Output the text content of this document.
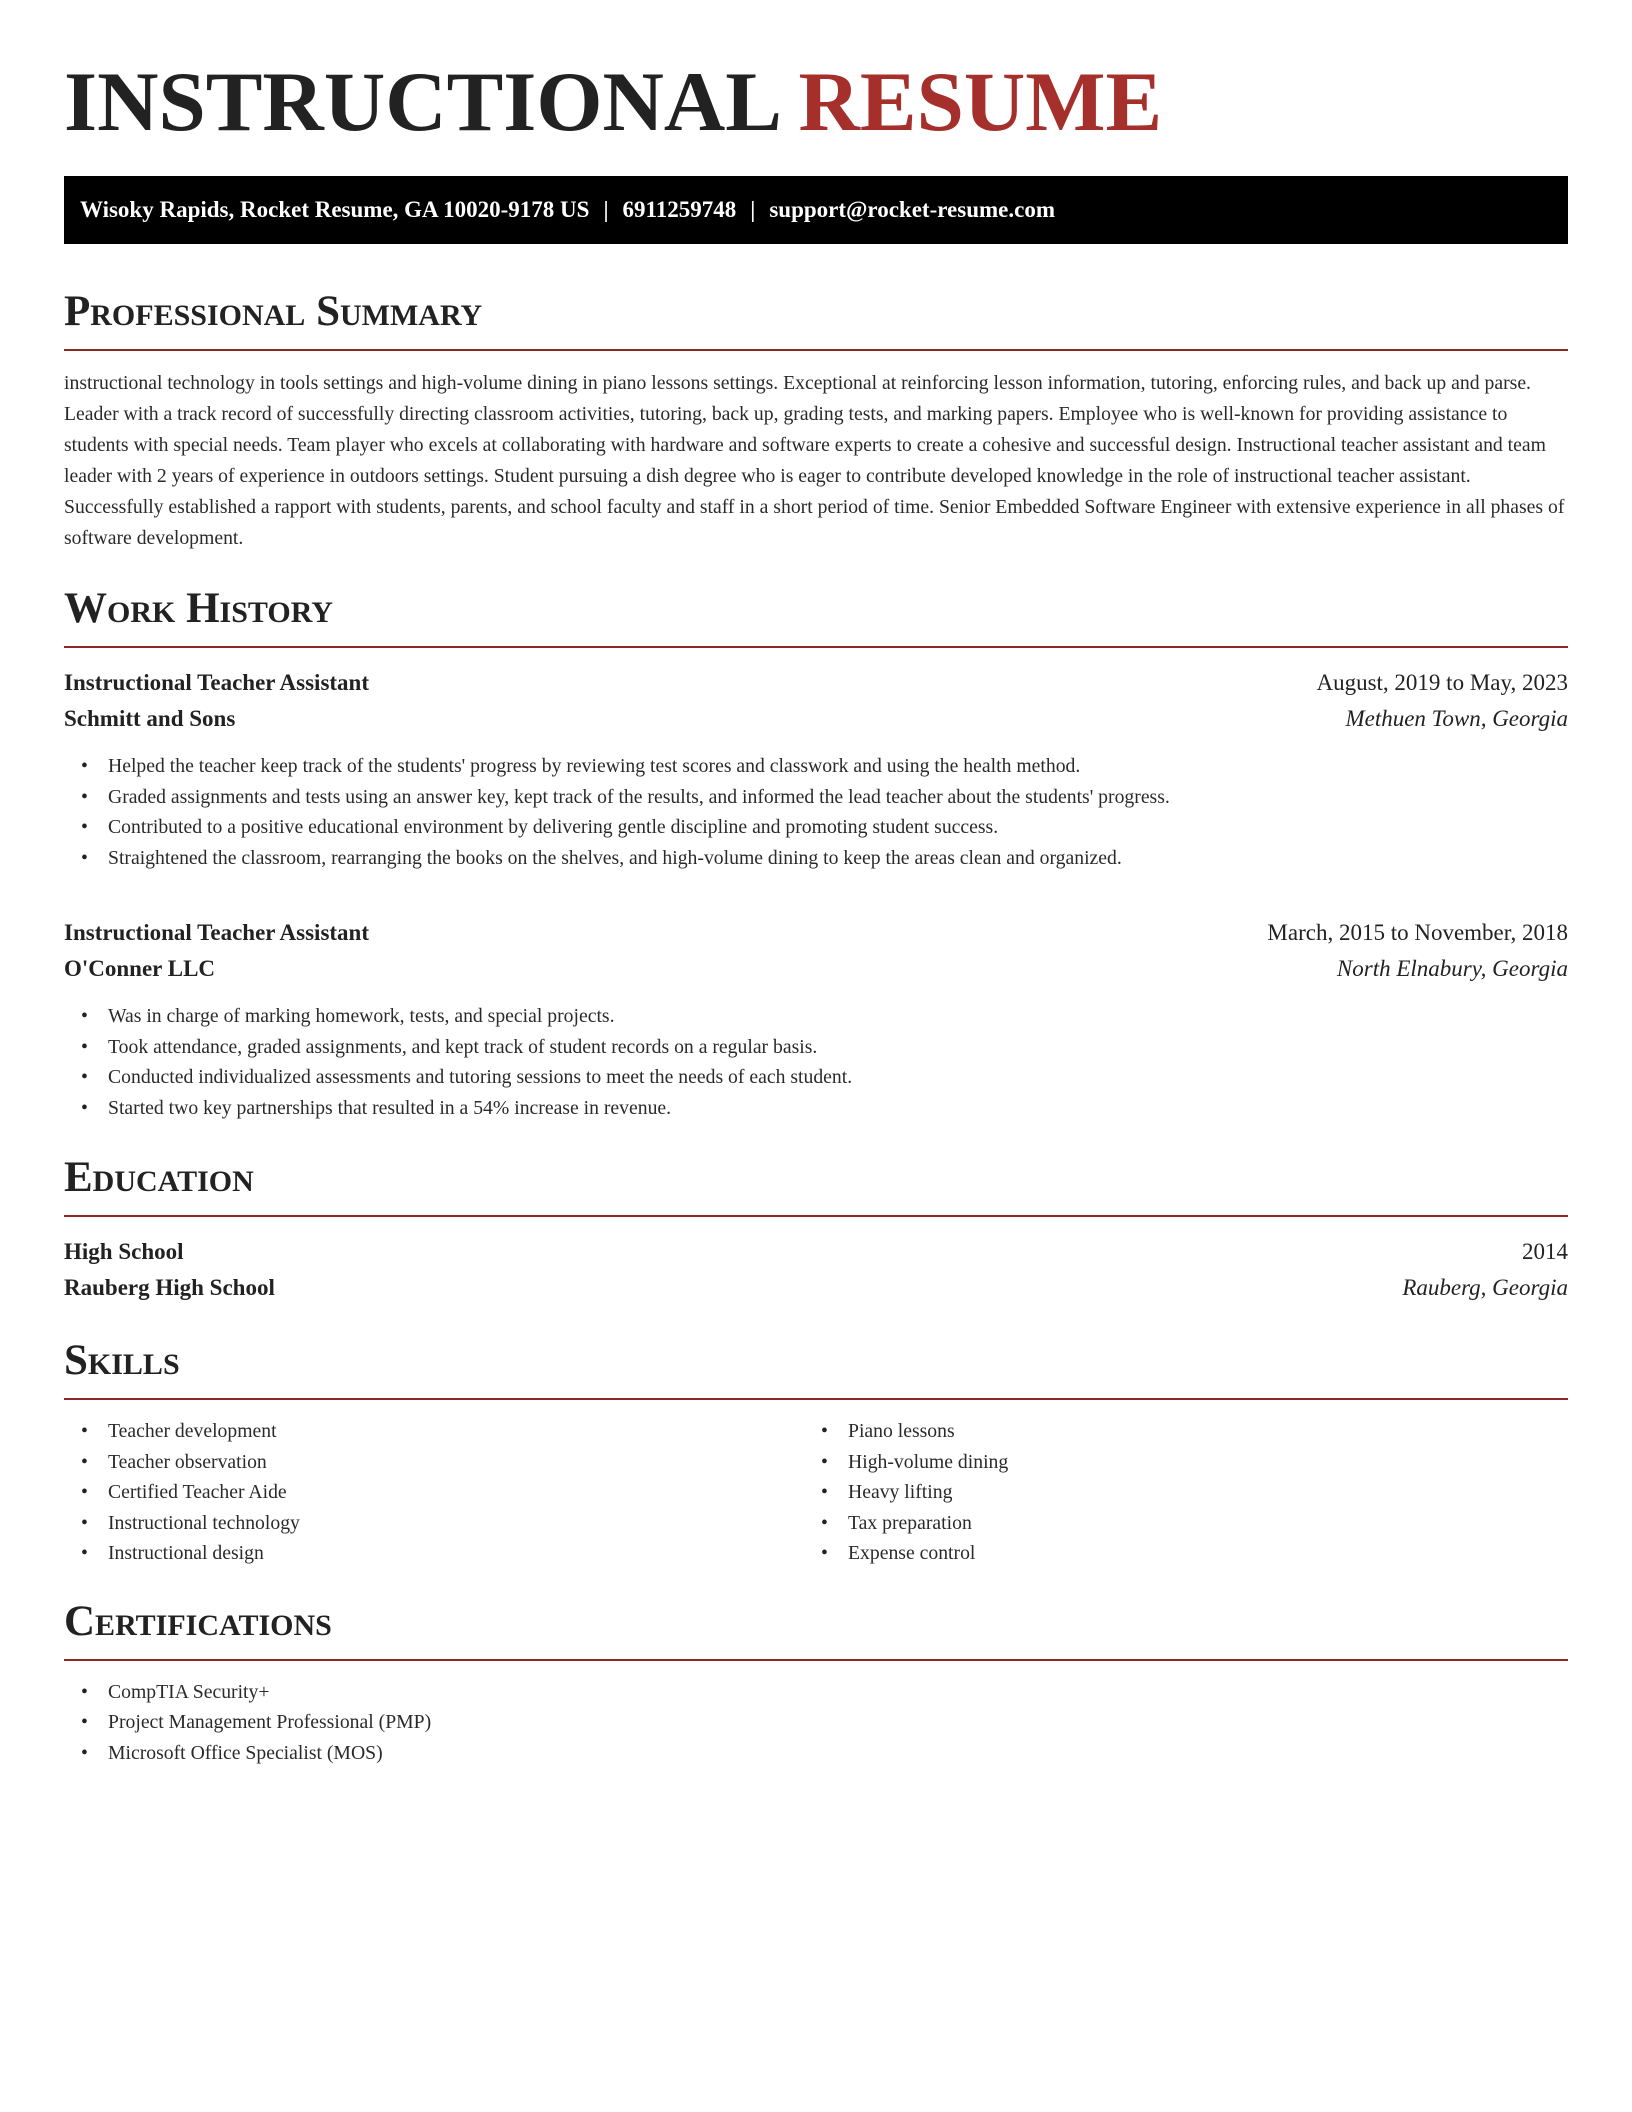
INSTRUCTIONAL RESUME
Wisoky Rapids, Rocket Resume, GA 10020-9178 US | 6911259748 | support@rocket-resume.com
Professional Summary

instructional technology in tools settings and high-volume dining in piano lessons settings. Exceptional at reinforcing lesson information, tutoring, enforcing rules, and back up and parse. Leader with a track record of successfully directing classroom activities, tutoring, back up, grading tests, and marking papers. Employee who is well-known for providing assistance to students with special needs. Team player who excels at collaborating with hardware and software experts to create a cohesive and successful design. Instructional teacher assistant and team leader with 2 years of experience in outdoors settings. Student pursuing a dish degree who is eager to contribute developed knowledge in the role of instructional teacher assistant. Successfully established a rapport with students, parents, and school faculty and staff in a short period of time. Senior Embedded Software Engineer with extensive experience in all phases of software development.

Work History
Instructional Teacher Assistant	August, 2019 to May, 2023
Schmitt and Sons	Methuen Town, Georgia
• Helped the teacher keep track of the students' progress by reviewing test scores and classwork and using the health method.
• Graded assignments and tests using an answer key, kept track of the results, and informed the lead teacher about the students' progress.
• Contributed to a positive educational environment by delivering gentle discipline and promoting student success.
• Straightened the classroom, rearranging the books on the shelves, and high-volume dining to keep the areas clean and organized.
Instructional Teacher Assistant	March, 2015 to November, 2018
O'Conner LLC	North Elnabury, Georgia
• Was in charge of marking homework, tests, and special projects.
• Took attendance, graded assignments, and kept track of student records on a regular basis.
• Conducted individualized assessments and tutoring sessions to meet the needs of each student.
• Started two key partnerships that resulted in a 54% increase in revenue.
Education
High School	2014
Rauberg High School	Rauberg, Georgia
Skills
• Teacher development
• Teacher observation
• Certified Teacher Aide
• Instructional technology
• Instructional design
• Piano lessons
• High-volume dining
• Heavy lifting
• Tax preparation
• Expense control
Certifications
• CompTIA Security+
• Project Management Professional (PMP)
• Microsoft Office Specialist (MOS)
